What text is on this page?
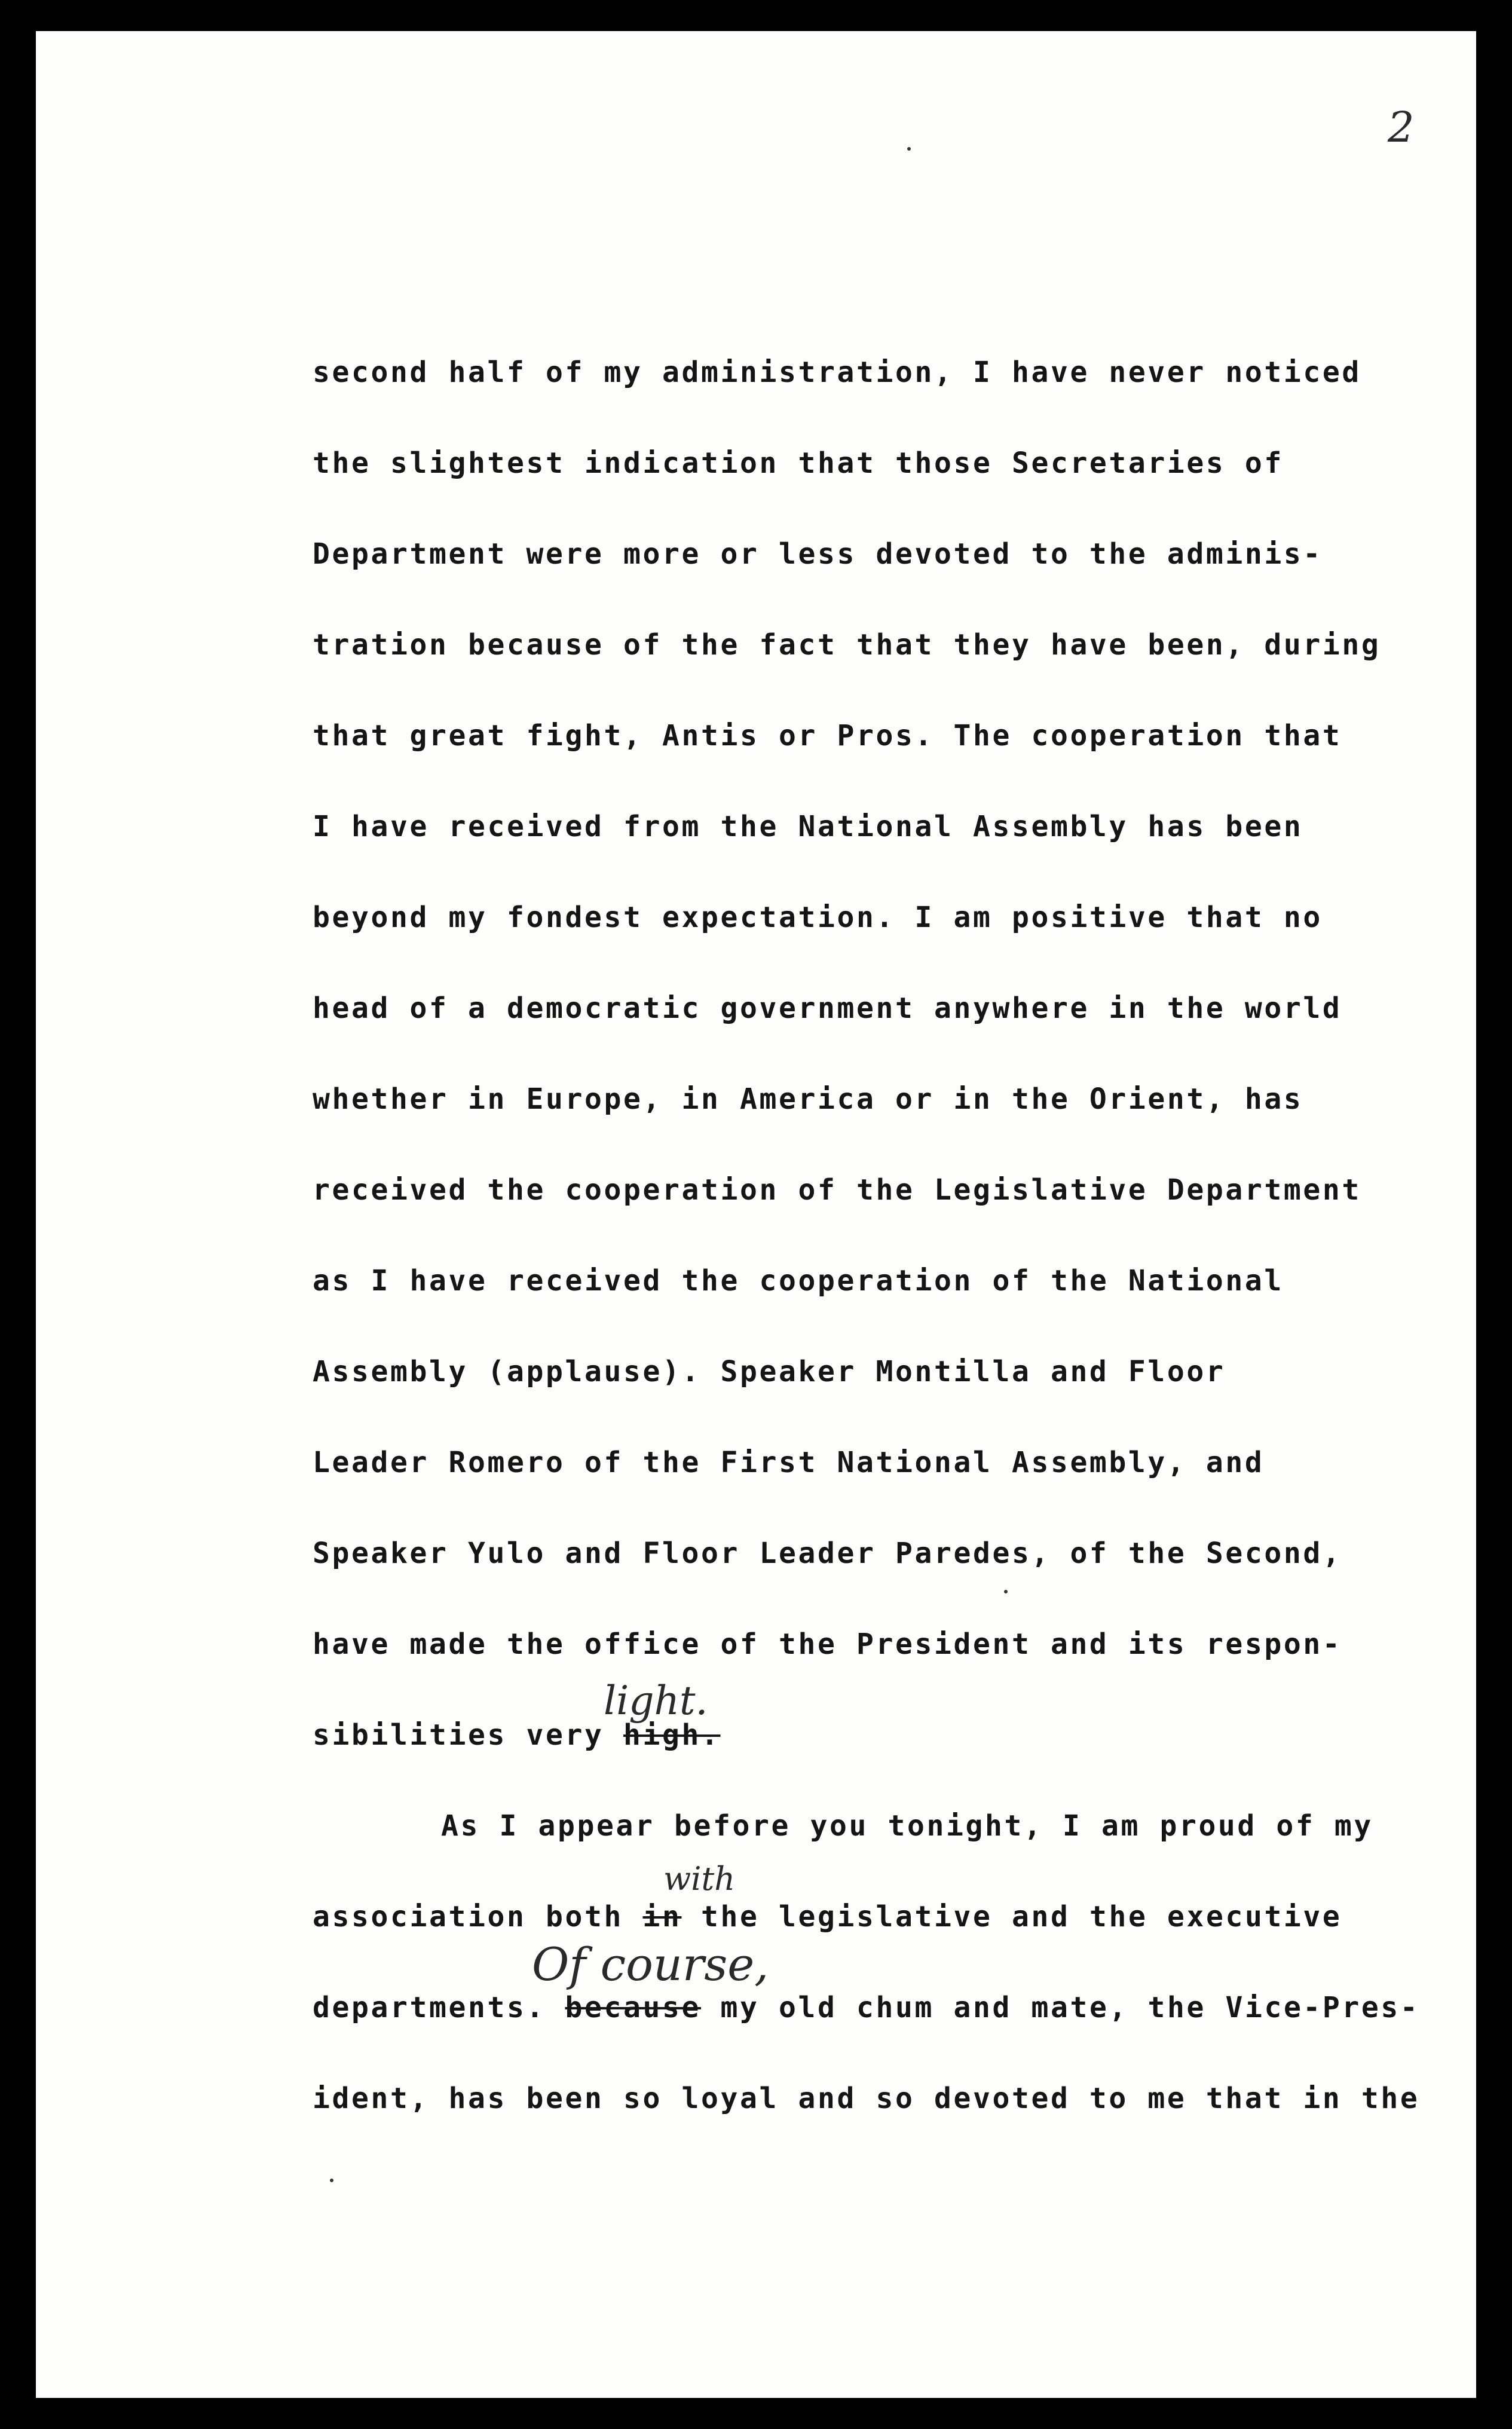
2
second half of my administration, I have never noticed
the slightest indication that those Secretaries of
Department were more or less devoted to the adminis-
tration because of the fact that they have been, during
that great fight, Antis or Pros. The cooperation that
I have received from the National Assembly has been
beyond my fondest expectation. I am positive that no
head of a democratic government anywhere in the world
whether in Europe, in America or in the Orient, has
received the cooperation of the Legislative Department
as I have received the cooperation of the National
Assembly (applause). Speaker Montilla and Floor
Leader Romero of the First National Assembly, and
Speaker Yulo and Floor Leader Paredes, of the Second,
have made the office of the President and its respon-
sibilities very high.
light.
As I appear before you tonight, I am proud of my
association both in the legislative and the executive
with
departments. because my old chum and mate, the Vice-Pres-
Of course,
ident, has been so loyal and so devoted to me that in the
